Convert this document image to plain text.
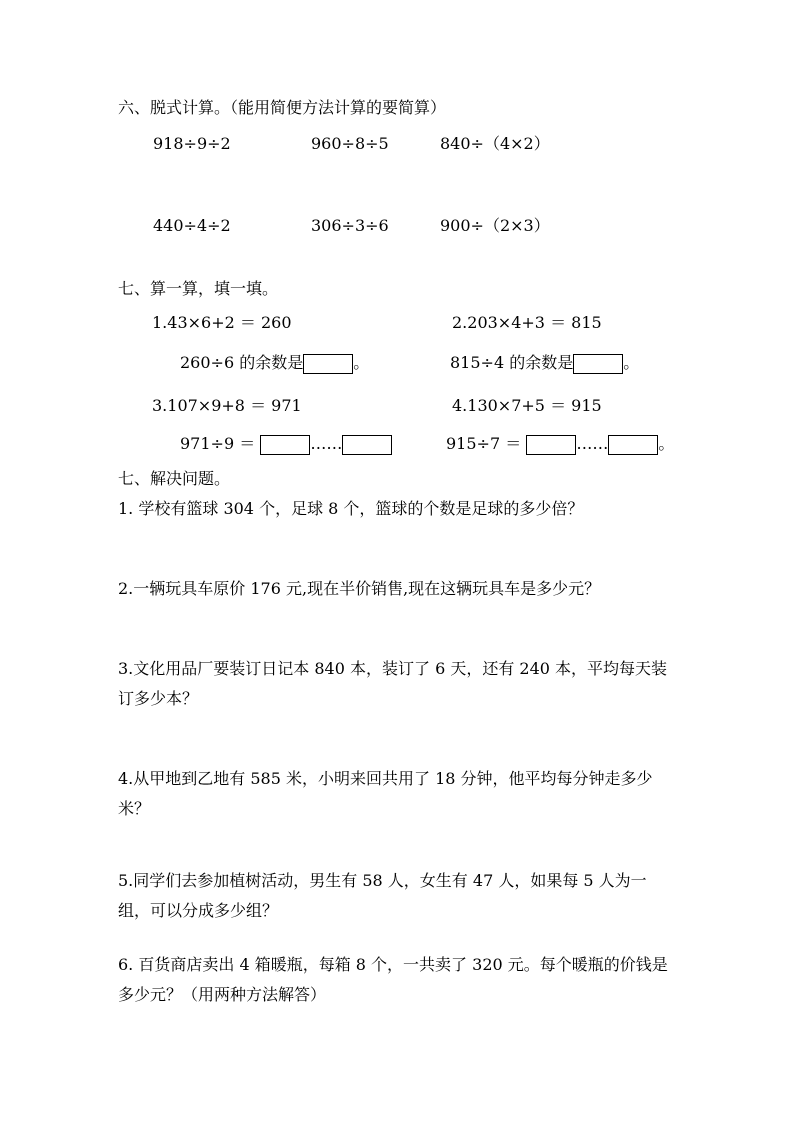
六、脱式计算。（能用简便方法计算的要简算）
918÷9÷2	960÷8÷5	840÷（4×2）
440÷4÷2	306÷3÷6	900÷（2×3）
七、算一算，填一填。
1.43×6+2 ＝ 260	2.203×4+3 ＝ 815
260÷6 的余数是	。	815÷4 的余数是	。
3.107×9+8 ＝ 971	4.130×7+5 ＝ 915
971÷9 ＝	……	915÷7 ＝	……	。
七、解决问题。
1. 学校有篮球 304 个，足球 8 个，篮球的个数是足球的多少倍？
2.一辆玩具车原价 176 元,现在半价销售,现在这辆玩具车是多少元？
3.文化用品厂要装订日记本 840 本，装订了 6 天，还有 240 本，平均每天装订多少本？
4.从甲地到乙地有 585 米，小明来回共用了 18 分钟，他平均每分钟走多少米？
5.同学们去参加植树活动，男生有 58 人，女生有 47 人，如果每 5 人为一组，可以分成多少组？
6. 百货商店卖出 4 箱暖瓶，每箱 8 个，一共卖了 320 元。每个暖瓶的价钱是多少元？（用两种方法解答）
